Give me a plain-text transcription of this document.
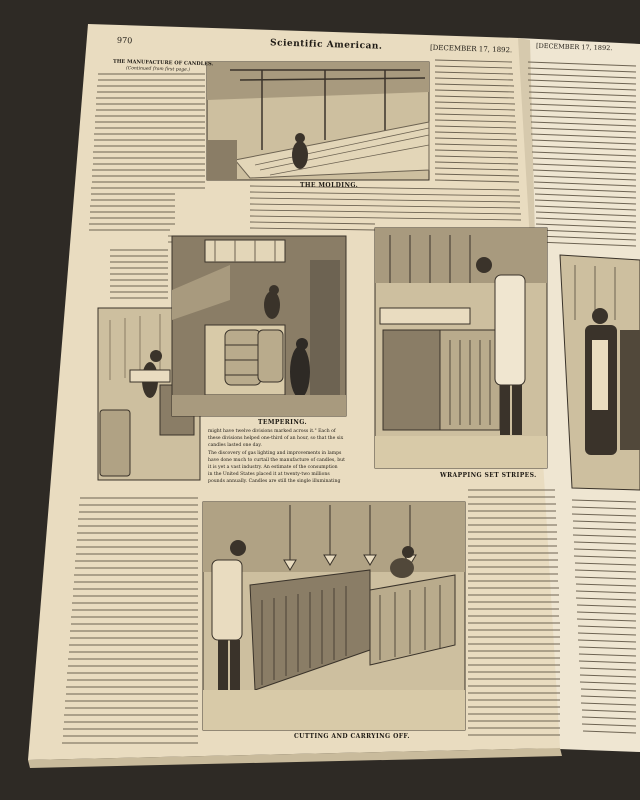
970	Scientific American.	[DECEMBER 17, 1892.	[DECEMBER 17, 1892.
THE MANUFACTURE OF CANDLES.
(Continued from first page.)
THE MOLDING.
TEMPERING.
WRAPPING SET STRIPES.
CUTTING AND CARRYING OFF.
might have twelve divisions marked across it." Each of
these divisions helped one-third of an hour, so that the six
candles lasted one day.
The discovery of gas lighting and improvements in lamps
have done much to curtail the manufacture of candles, but
it is yet a vast industry. An estimate of the consumption
in the United States placed it at twenty-two millions
pounds annually. Candles are still the single illuminating
